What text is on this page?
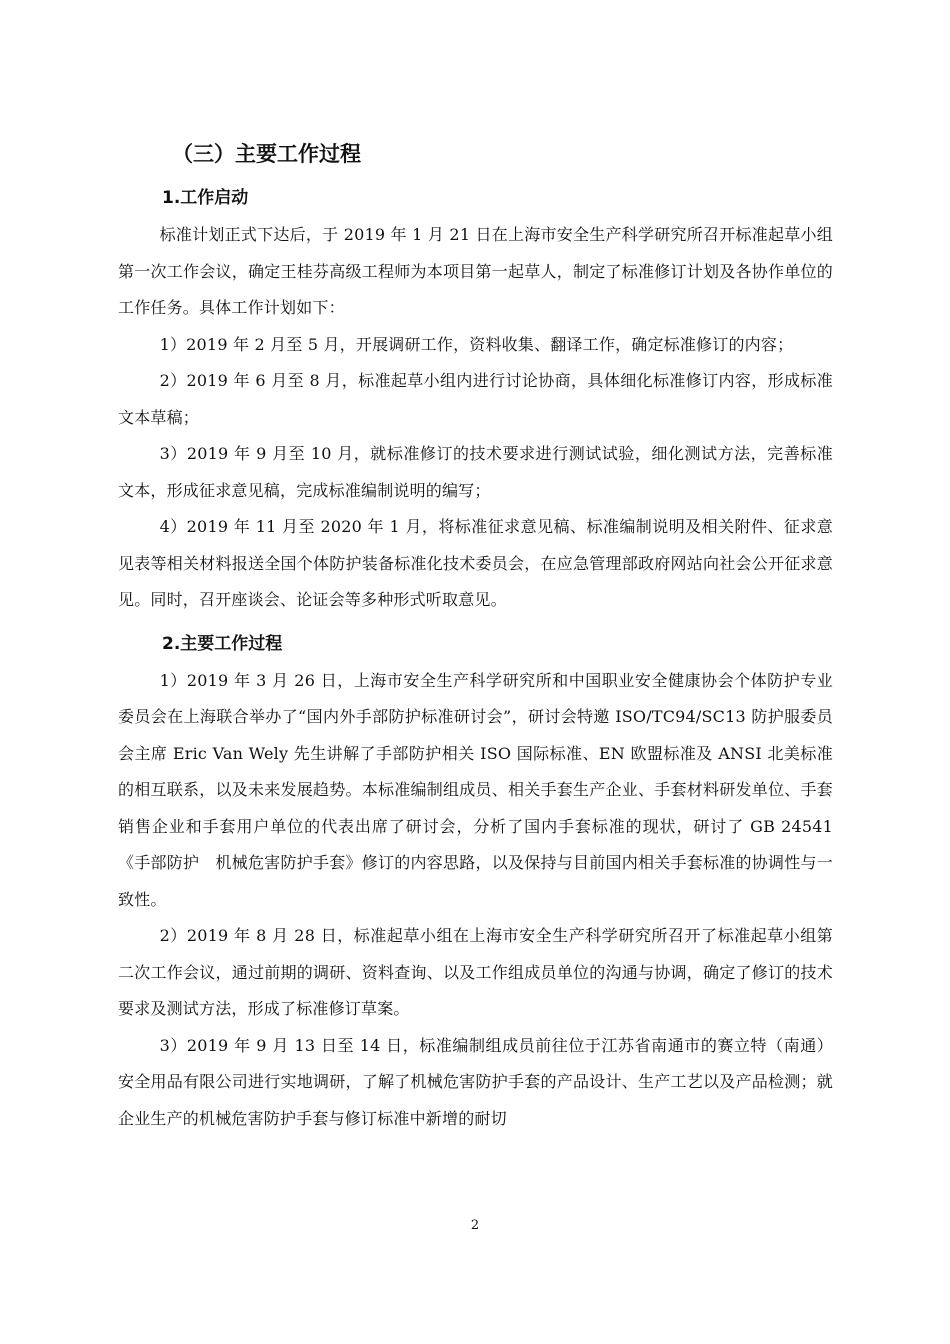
（三）主要工作过程
1.工作启动

标准计划正式下达后，于 2019 年 1 月 21 日在上海市安全生产科学研究所召开标准起草小组第一次工作会议，确定王桂芬高级工程师为本项目第一起草人，制定了标准修订计划及各协作单位的工作任务。具体工作计划如下：

1）2019 年 2 月至 5 月，开展调研工作，资料收集、翻译工作，确定标准修订的内容；

2）2019 年 6 月至 8 月，标准起草小组内进行讨论协商，具体细化标准修订内容，形成标准文本草稿；

3）2019 年 9 月至 10 月，就标准修订的技术要求进行测试试验，细化测试方法，完善标准文本，形成征求意见稿，完成标准编制说明的编写；

4）2019 年 11 月至 2020 年 1 月，将标准征求意见稿、标准编制说明及相关附件、征求意见表等相关材料报送全国个体防护装备标准化技术委员会，在应急管理部政府网站向社会公开征求意见。同时，召开座谈会、论证会等多种形式听取意见。

2.主要工作过程

1）2019 年 3 月 26 日，上海市安全生产科学研究所和中国职业安全健康协会个体防护专业委员会在上海联合举办了“国内外手部防护标准研讨会”，研讨会特邀 ISO/TC94/SC13 防护服委员会主席 Eric Van Wely 先生讲解了手部防护相关 ISO 国际标准、EN 欧盟标准及 ANSI 北美标准的相互联系，以及未来发展趋势。本标准编制组成员、相关手套生产企业、手套材料研发单位、手套销售企业和手套用户单位的代表出席了研讨会，分析了国内手套标准的现状，研讨了 GB 24541《手部防护　机械危害防护手套》修订的内容思路，以及保持与目前国内相关手套标准的协调性与一致性。

2）2019 年 8 月 28 日，标准起草小组在上海市安全生产科学研究所召开了标准起草小组第二次工作会议，通过前期的调研、资料查询、以及工作组成员单位的沟通与协调，确定了修订的技术要求及测试方法，形成了标准修订草案。

3）2019 年 9 月 13 日至 14 日，标准编制组成员前往位于江苏省南通市的赛立特（南通）安全用品有限公司进行实地调研，了解了机械危害防护手套的产品设计、生产工艺以及产品检测；就企业生产的机械危害防护手套与修订标准中新增的耐切

2
